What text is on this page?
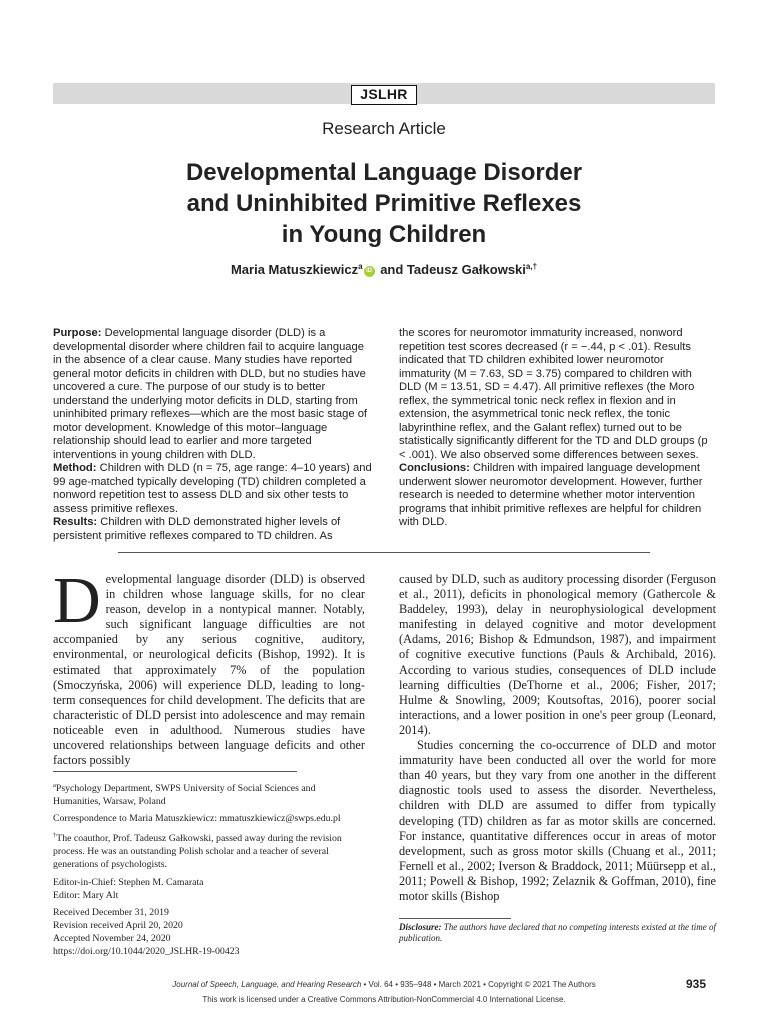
JSLHR
Research Article
Developmental Language Disorder
and Uninhibited Primitive Reflexes
in Young Children
Maria Matuszkiewicz$^a$ iD and Tadeusz Gałkowski$^{a,\dagger}$

Purpose: Developmental language disorder (DLD) is a developmental disorder where children fail to acquire language in the absence of a clear cause. Many studies have reported general motor deficits in children with DLD, but no studies have uncovered a cure. The purpose of our study is to better understand the underlying motor deficits in DLD, starting from uninhibited primary reflexes—which are the most basic stage of motor development. Knowledge of this motor–language relationship should lead to earlier and more targeted interventions in young children with DLD.

Method: Children with DLD (n = 75, age range: 4–10 years) and 99 age-matched typically developing (TD) children completed a nonword repetition test to assess DLD and six other tests to assess primitive reflexes.

Results: Children with DLD demonstrated higher levels of persistent primitive reflexes compared to TD children. As

the scores for neuromotor immaturity increased, nonword repetition test scores decreased (r = −.44, p < .01). Results indicated that TD children exhibited lower neuromotor immaturity (M = 7.63, SD = 3.75) compared to children with DLD (M = 13.51, SD = 4.47). All primitive reflexes (the Moro reflex, the symmetrical tonic neck reflex in flexion and in extension, the asymmetrical tonic neck reflex, the tonic labyrinthine reflex, and the Galant reflex) turned out to be statistically significantly different for the TD and DLD groups (p < .001). We also observed some differences between sexes.

Conclusions: Children with impaired language development underwent slower neuromotor development. However, further research is needed to determine whether motor intervention programs that inhibit primitive reflexes are helpful for children with DLD.

Developmental language disorder (DLD) is observed in children whose language skills, for no clear reason, develop in a nontypical manner. Notably, such significant language difficulties are not accompanied by any serious cognitive, auditory, environmental, or neurological deficits (Bishop, 1992). It is estimated that approximately 7% of the population (Smoczyńska, 2006) will experience DLD, leading to long-term consequences for child development. The deficits that are characteristic of DLD persist into adolescence and may remain noticeable even in adulthood. Numerous studies have uncovered relationships between language deficits and other factors possibly

caused by DLD, such as auditory processing disorder (Ferguson et al., 2011), deficits in phonological memory (Gathercole & Baddeley, 1993), delay in neurophysiological development manifesting in delayed cognitive and motor development (Adams, 2016; Bishop & Edmundson, 1987), and impairment of cognitive executive functions (Pauls & Archibald, 2016). According to various studies, consequences of DLD include learning difficulties (DeThorne et al., 2006; Fisher, 2017; Hulme & Snowling, 2009; Koutsoftas, 2016), poorer social interactions, and a lower position in one's peer group (Leonard, 2014).

Studies concerning the co-occurrence of DLD and motor immaturity have been conducted all over the world for more than 40 years, but they vary from one another in the different diagnostic tools used to assess the disorder. Nevertheless, children with DLD are assumed to differ from typically developing (TD) children as far as motor skills are concerned. For instance, quantitative differences occur in areas of motor development, such as gross motor skills (Chuang et al., 2011; Fernell et al., 2002; Iverson & Braddock, 2011; Müürsepp et al., 2011; Powell & Bishop, 1992; Zelaznik & Goffman, 2010), fine motor skills (Bishop

$^a$Psychology Department, SWPS University of Social Sciences and Humanities, Warsaw, Poland

Correspondence to Maria Matuszkiewicz: mmatuszkiewicz@swps.edu.pl

†The coauthor, Prof. Tadeusz Gałkowski, passed away during the revision process. He was an outstanding Polish scholar and a teacher of several generations of psychologists.

Editor-in-Chief: Stephen M. Camarata

Editor: Mary Alt

Received December 31, 2019

Revision received April 20, 2020

Accepted November 24, 2020

https://doi.org/10.1044/2020_JSLHR-19-00423

Disclosure: The authors have declared that no competing interests existed at the time of publication.
Journal of Speech, Language, and Hearing Research • Vol. 64 • 935–948 • March 2021 • Copyright © 2021 The Authors
This work is licensed under a Creative Commons Attribution-NonCommercial 4.0 International License.
935
